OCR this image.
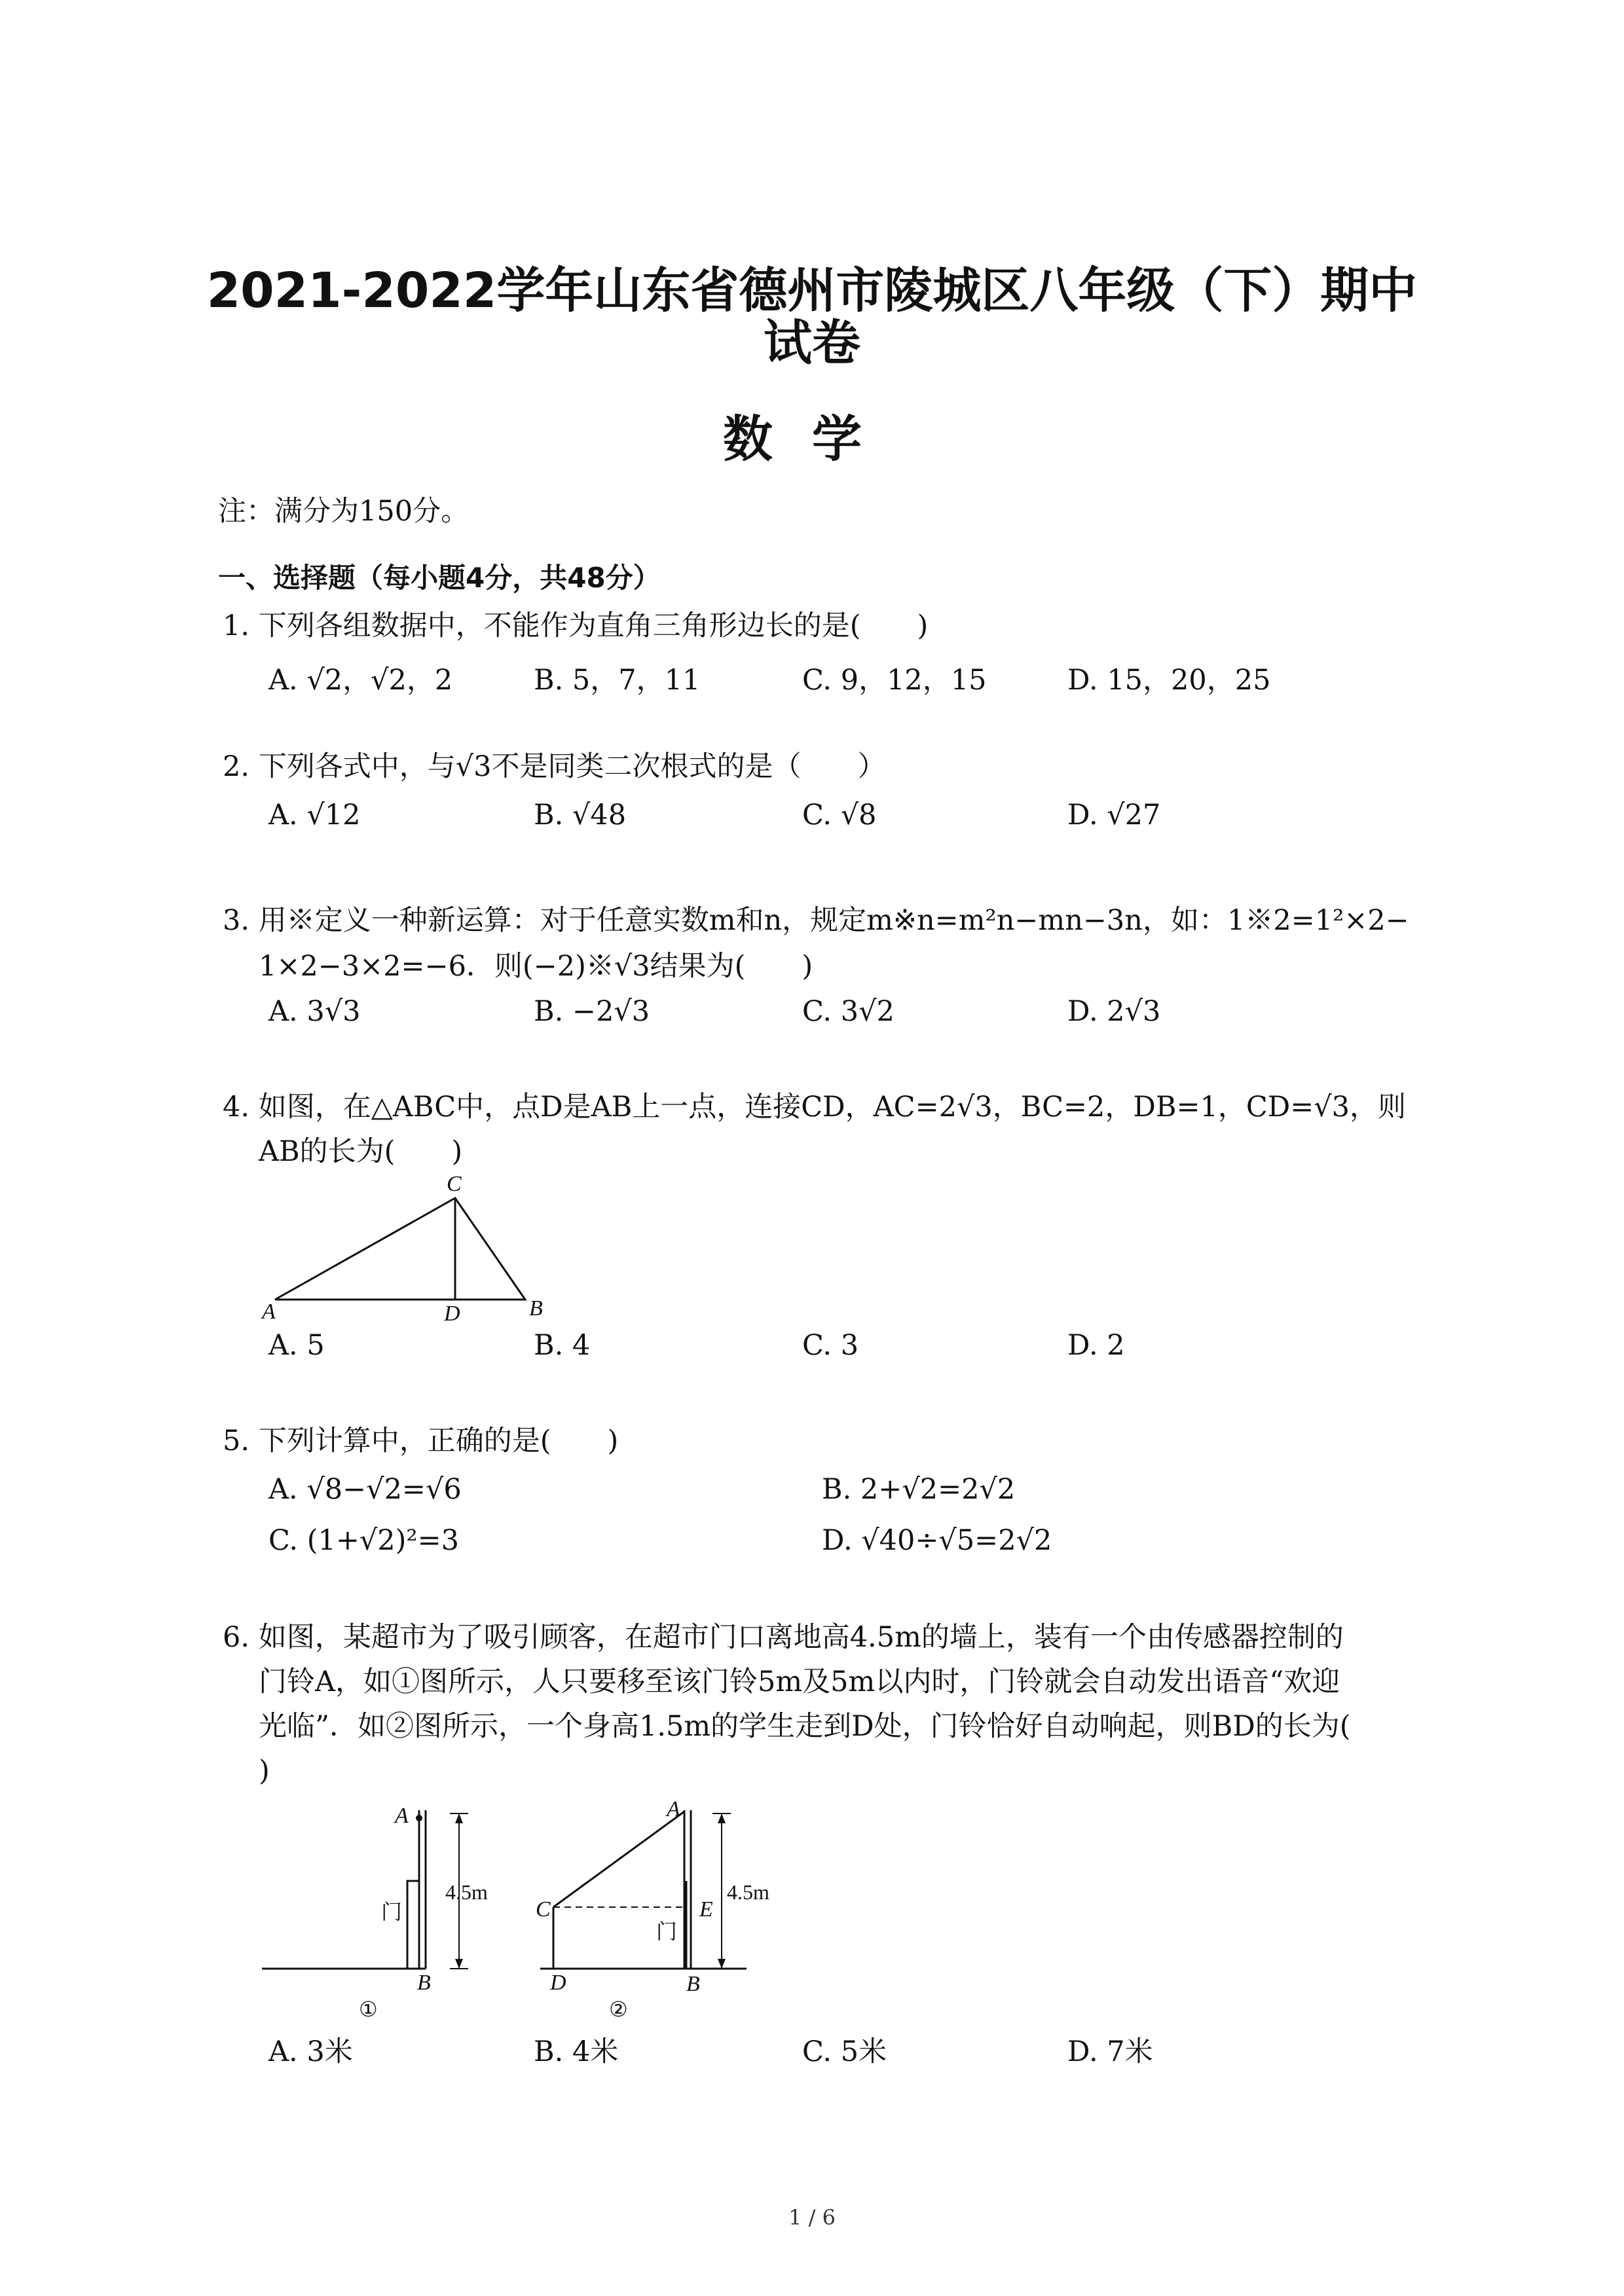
2021-2022学年山东省德州市陵城区八年级（下）期中
试卷
数学
注：满分为150分。
一、选择题（每小题4分，共48分）
1. 下列各组数据中，不能作为直角三角形边长的是(　　)
A. √2，√2，2	B. 5，7，11	C. 9，12，15	D. 15，20，25
2. 下列各式中，与√3不是同类二次根式的是（　　）
A. √12	B. √48	C. √8	D. √27
3. 用※定义一种新运算：对于任意实数m和n，规定m※n=m²n−mn−3n，如：1※2=1²×2−
1×2−3×2=−6．则(−2)※√3结果为(　　)
A. 3√3	B. −2√3	C. 3√2	D. 2√3
4. 如图，在△ABC中，点D是AB上一点，连接CD，AC=2√3，BC=2，DB=1，CD=√3，则
AB的长为(　　)
C
A	D	B
A. 5	B. 4	C. 3	D. 2
5. 下列计算中，正确的是(　　)
A. √8−√2=√6	B. 2+√2=2√2
C. (1+√2)²=3	D. √40÷√5=2√2
6. 如图，某超市为了吸引顾客，在超市门口离地高4.5m的墙上，装有一个由传感器控制的
门铃A，如①图所示，人只要移至该门铃5m及5m以内时，门铃就会自动发出语音“欢迎
光临”．如②图所示，一个身高1.5m的学生走到D处，门铃恰好自动响起，则BD的长为(
)
A
门
4.5m
B
①
A
C	E
门
4.5m
D	B
②
A. 3米	B. 4米	C. 5米	D. 7米
1 / 6
